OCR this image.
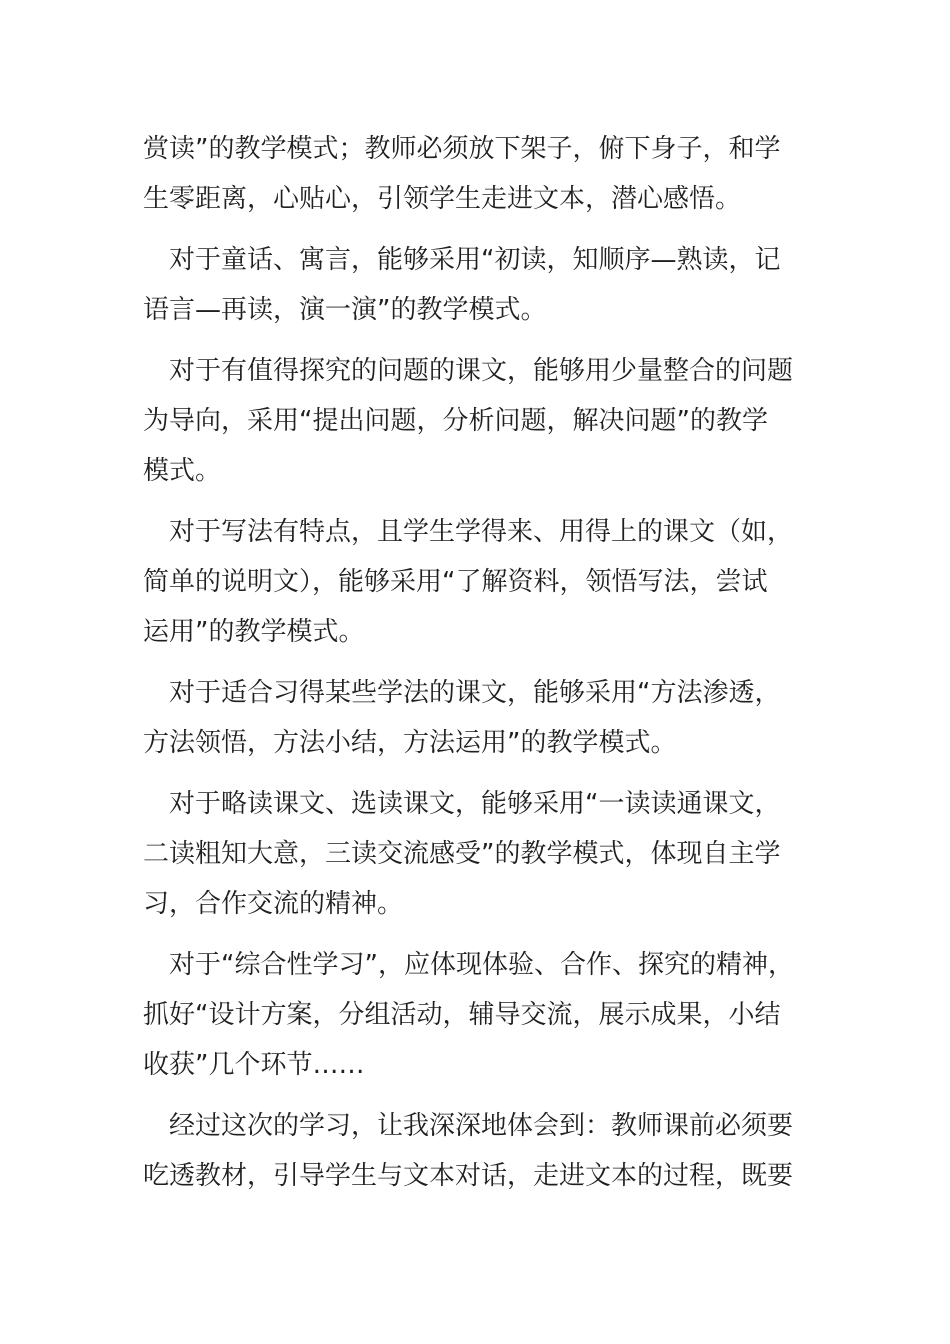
赏读”的教学模式；教师必须放下架子，俯下身子，和学
生零距离，心贴心，引领学生走进文本，潜心感悟。
对于童话、寓言，能够采用“初读，知顺序—熟读，记
语言—再读，演一演”的教学模式。
对于有值得探究的问题的课文，能够用少量整合的问题
为导向，采用“提出问题，分析问题，解决问题”的教学
模式。
对于写法有特点，且学生学得来、用得上的课文（如，
简单的说明文），能够采用“了解资料，领悟写法，尝试
运用”的教学模式。
对于适合习得某些学法的课文，能够采用“方法渗透，
方法领悟，方法小结，方法运用”的教学模式。
对于略读课文、选读课文，能够采用“一读读通课文，
二读粗知大意，三读交流感受”的教学模式，体现自主学
习，合作交流的精神。
对于“综合性学习”，应体现体验、合作、探究的精神，
抓好“设计方案，分组活动，辅导交流，展示成果，小结
收获”几个环节……
经过这次的学习，让我深深地体会到：教师课前必须要
吃透教材，引导学生与文本对话，走进文本的过程，既要
